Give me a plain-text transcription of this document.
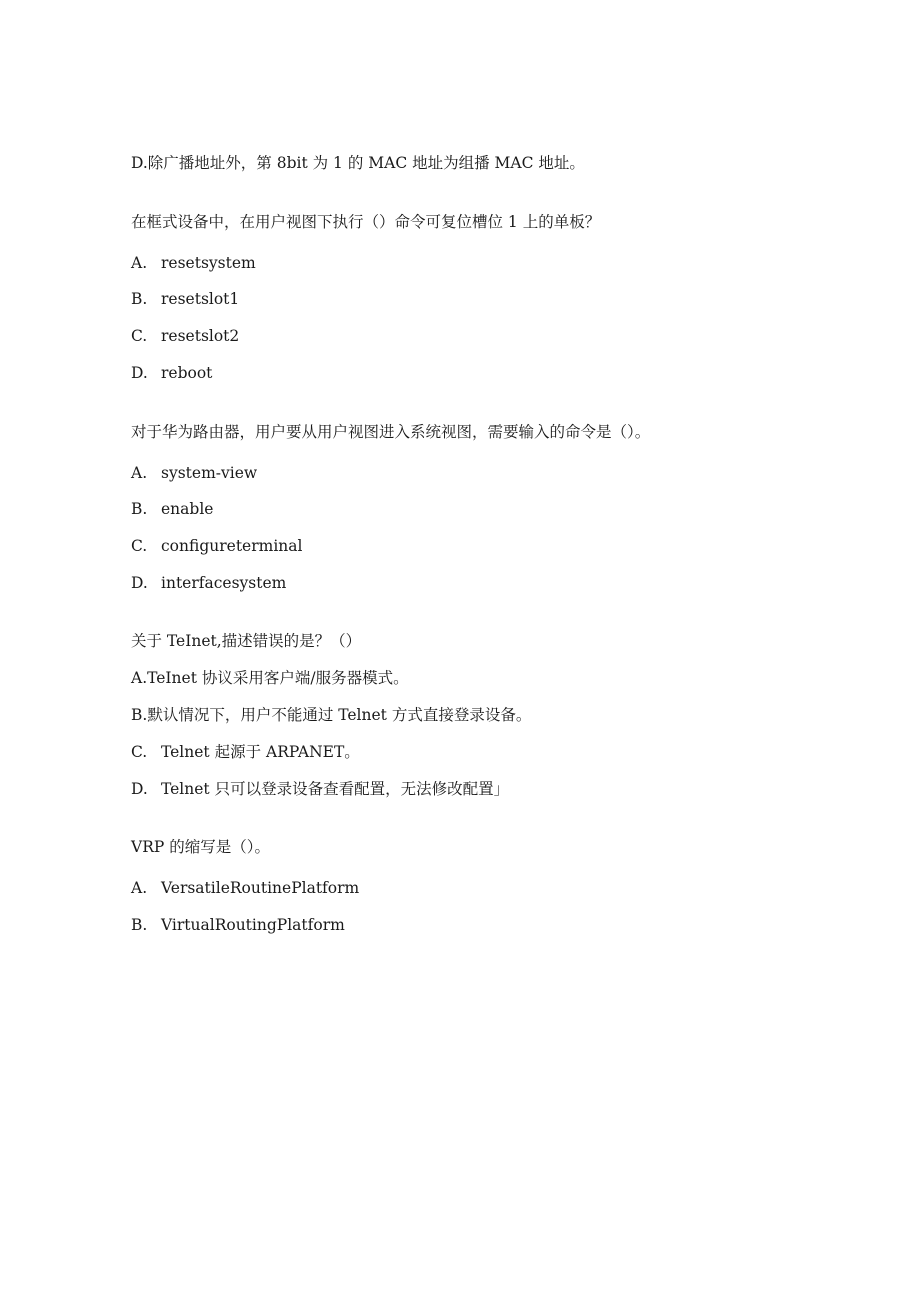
D.除广播地址外，第 8bit 为 1 的 MAC 地址为组播 MAC 地址。
在框式设备中，在用户视图下执行（）命令可复位槽位 1 上的单板？
A. resetsystem
B. resetslot1
C. resetslot2
D. reboot
对于华为路由器，用户要从用户视图进入系统视图，需要输入的命令是（）。
A. system-view
B. enable
C. configureterminal
D. interfacesystem
关于 TeInet,描述错误的是？（）
A.TeInet 协议采用客户端/服务器模式。
B.默认情况下，用户不能通过 Telnet 方式直接登录设备。
C. Telnet 起源于 ARPANET。
D. Telnet 只可以登录设备查看配置，无法修改配置」
VRP 的缩写是（）。
A. VersatileRoutinePlatform
B. VirtualRoutingPlatform
